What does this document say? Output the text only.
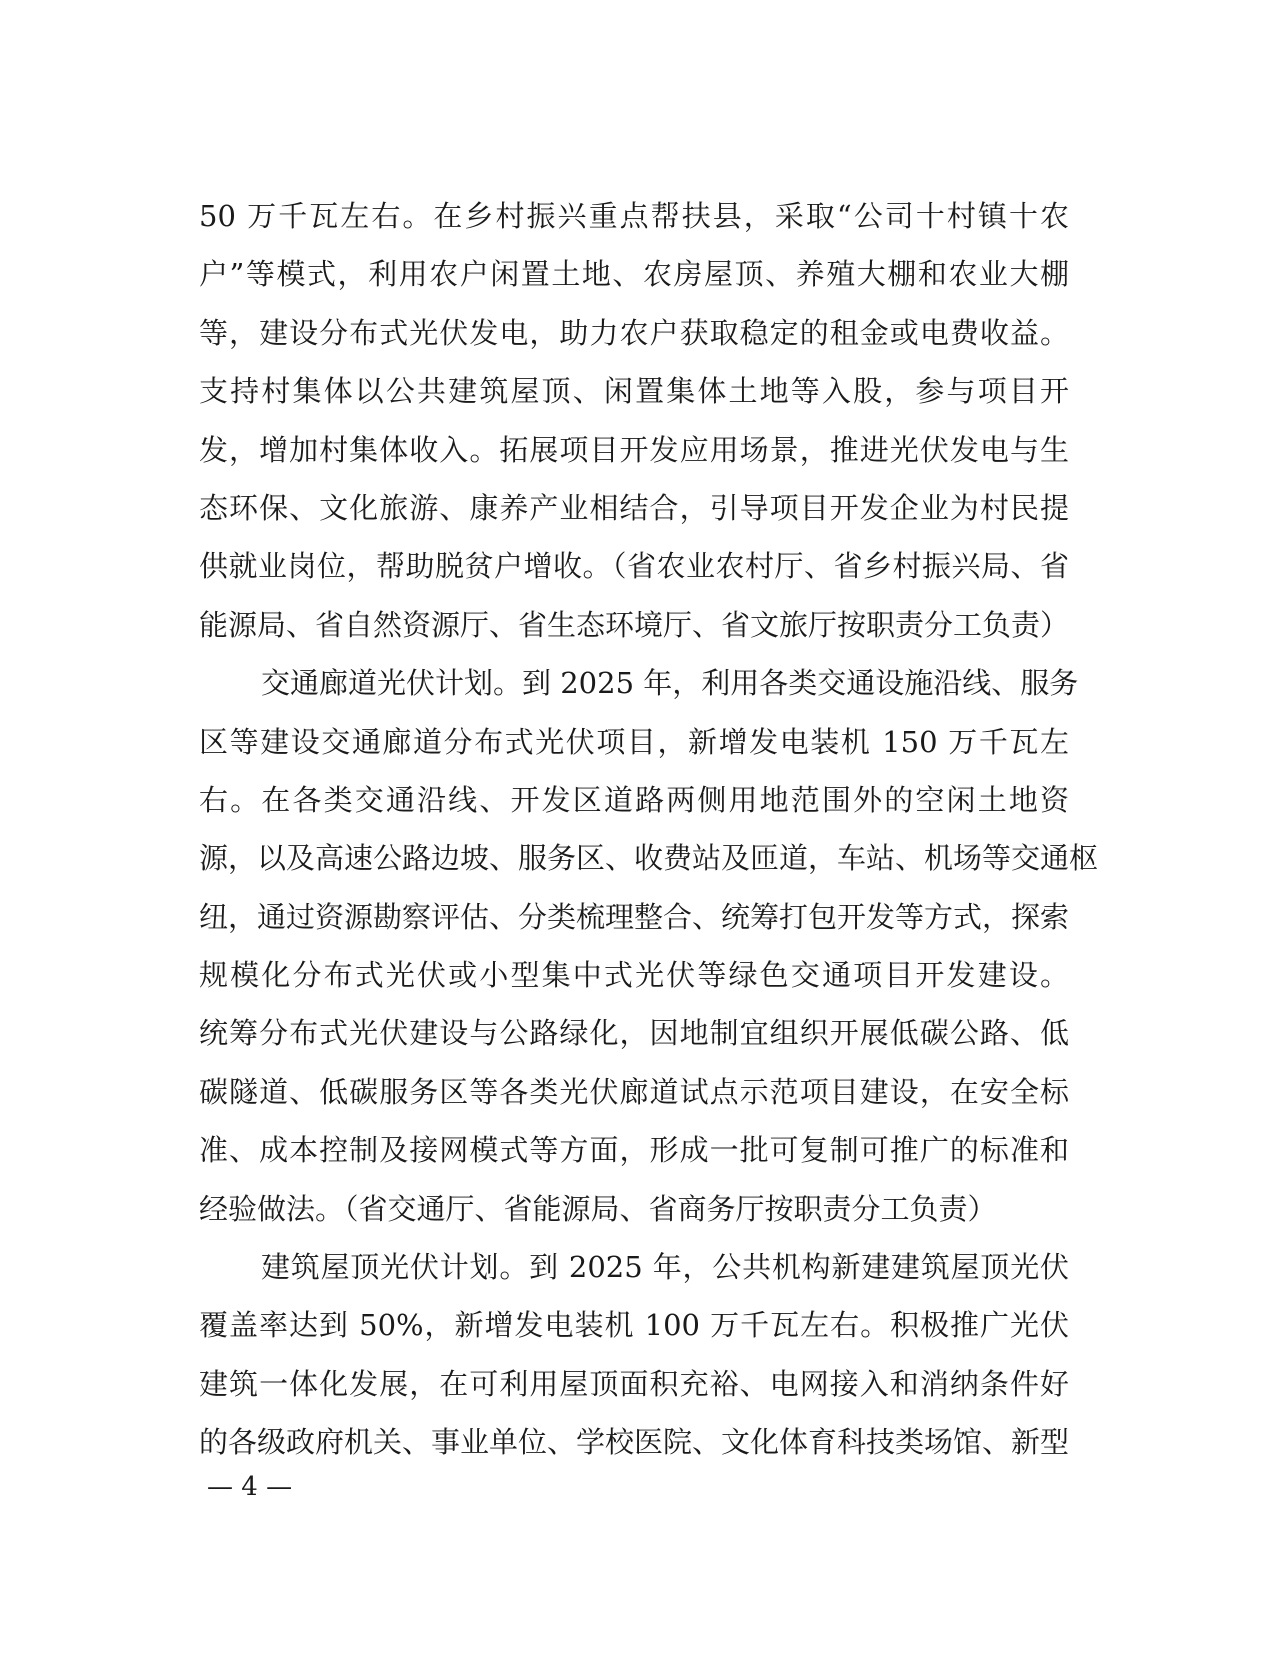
50 万千瓦左右。在乡村振兴重点帮扶县，采取“公司十村镇十农
户”等模式，利用农户闲置土地、农房屋顶、养殖大棚和农业大棚
等，建设分布式光伏发电，助力农户获取稳定的租金或电费收益。
支持村集体以公共建筑屋顶、闲置集体土地等入股，参与项目开
发，增加村集体收入。拓展项目开发应用场景，推进光伏发电与生
态环保、文化旅游、康养产业相结合，引导项目开发企业为村民提
供就业岗位，帮助脱贫户增收。（省农业农村厅、省乡村振兴局、省
能源局、省自然资源厅、省生态环境厅、省文旅厅按职责分工负责）
交通廊道光伏计划。到 2025 年，利用各类交通设施沿线、服务
区等建设交通廊道分布式光伏项目，新增发电装机 150 万千瓦左
右。在各类交通沿线、开发区道路两侧用地范围外的空闲土地资
源，以及高速公路边坡、服务区、收费站及匝道，车站、机场等交通枢
纽，通过资源勘察评估、分类梳理整合、统筹打包开发等方式，探索
规模化分布式光伏或小型集中式光伏等绿色交通项目开发建设。
统筹分布式光伏建设与公路绿化，因地制宜组织开展低碳公路、低
碳隧道、低碳服务区等各类光伏廊道试点示范项目建设，在安全标
准、成本控制及接网模式等方面，形成一批可复制可推广的标准和
经验做法。（省交通厅、省能源局、省商务厅按职责分工负责）
建筑屋顶光伏计划。到 2025 年，公共机构新建建筑屋顶光伏
覆盖率达到 50%，新增发电装机 100 万千瓦左右。积极推广光伏
建筑一体化发展，在可利用屋顶面积充裕、电网接入和消纳条件好
的各级政府机关、事业单位、学校医院、文化体育科技类场馆、新型
— 4 —
